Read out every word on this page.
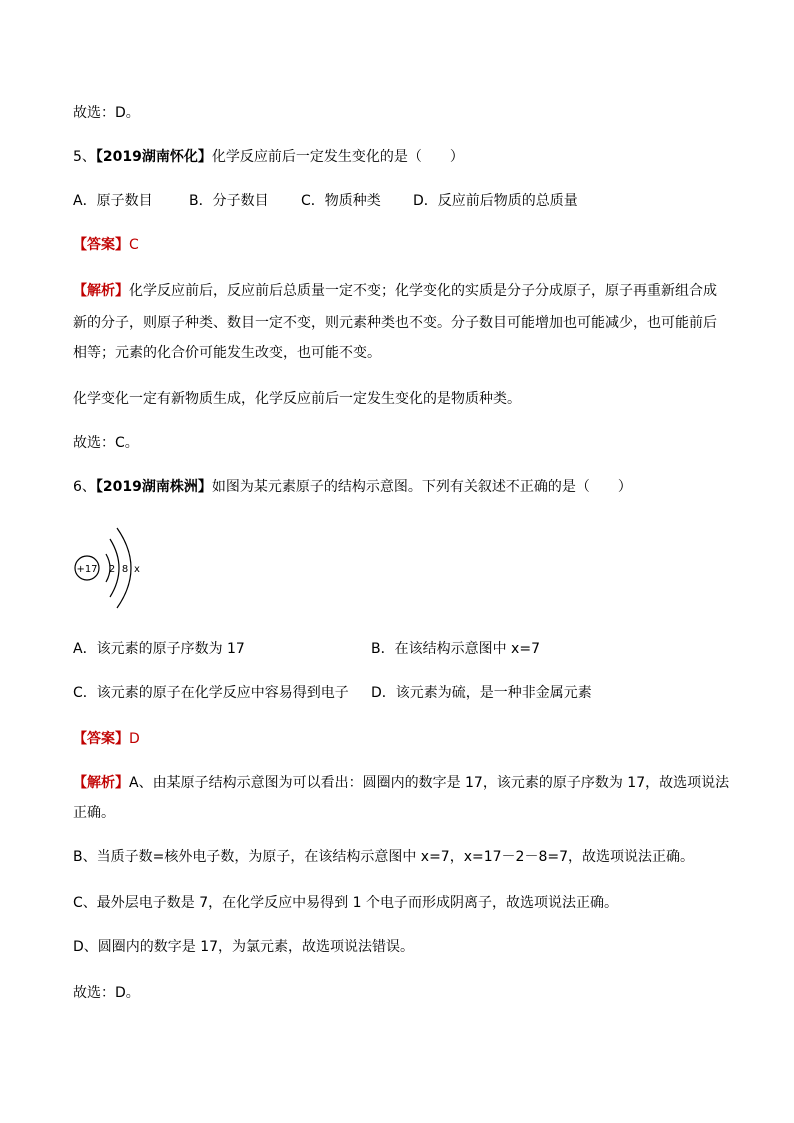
故选：D。
5、【2019湖南怀化】化学反应前后一定发生变化的是（　　）
A．原子数目	B．分子数目 C．物质种类 D．反应前后物质的总质量
【答案】C
【解析】化学反应前后，反应前后总质量一定不变；化学变化的实质是分子分成原子，原子再重新组合成
新的分子，则原子种类、数目一定不变，则元素种类也不变。分子数目可能增加也可能减少，也可能前后
相等；元素的化合价可能发生改变，也可能不变。
化学变化一定有新物质生成，化学反应前后一定发生变化的是物质种类。
故选：C。
6、【2019湖南株洲】如图为某元素原子的结构示意图。下列有关叙述不正确的是（　　）
+17 2 8 x
A．该元素的原子序数为 17	B．在该结构示意图中 x=7
C．该元素的原子在化学反应中容易得到电子 D．该元素为硫，是一种非金属元素
【答案】D
【解析】A、由某原子结构示意图为可以看出：圆圈内的数字是 17，该元素的原子序数为 17，故选项说法
正确。
B、当质子数=核外电子数，为原子，在该结构示意图中 x=7，x=17－2－8=7，故选项说法正确。
C、最外层电子数是 7，在化学反应中易得到 1 个电子而形成阴离子，故选项说法正确。
D、圆圈内的数字是 17，为氯元素，故选项说法错误。
故选：D。
